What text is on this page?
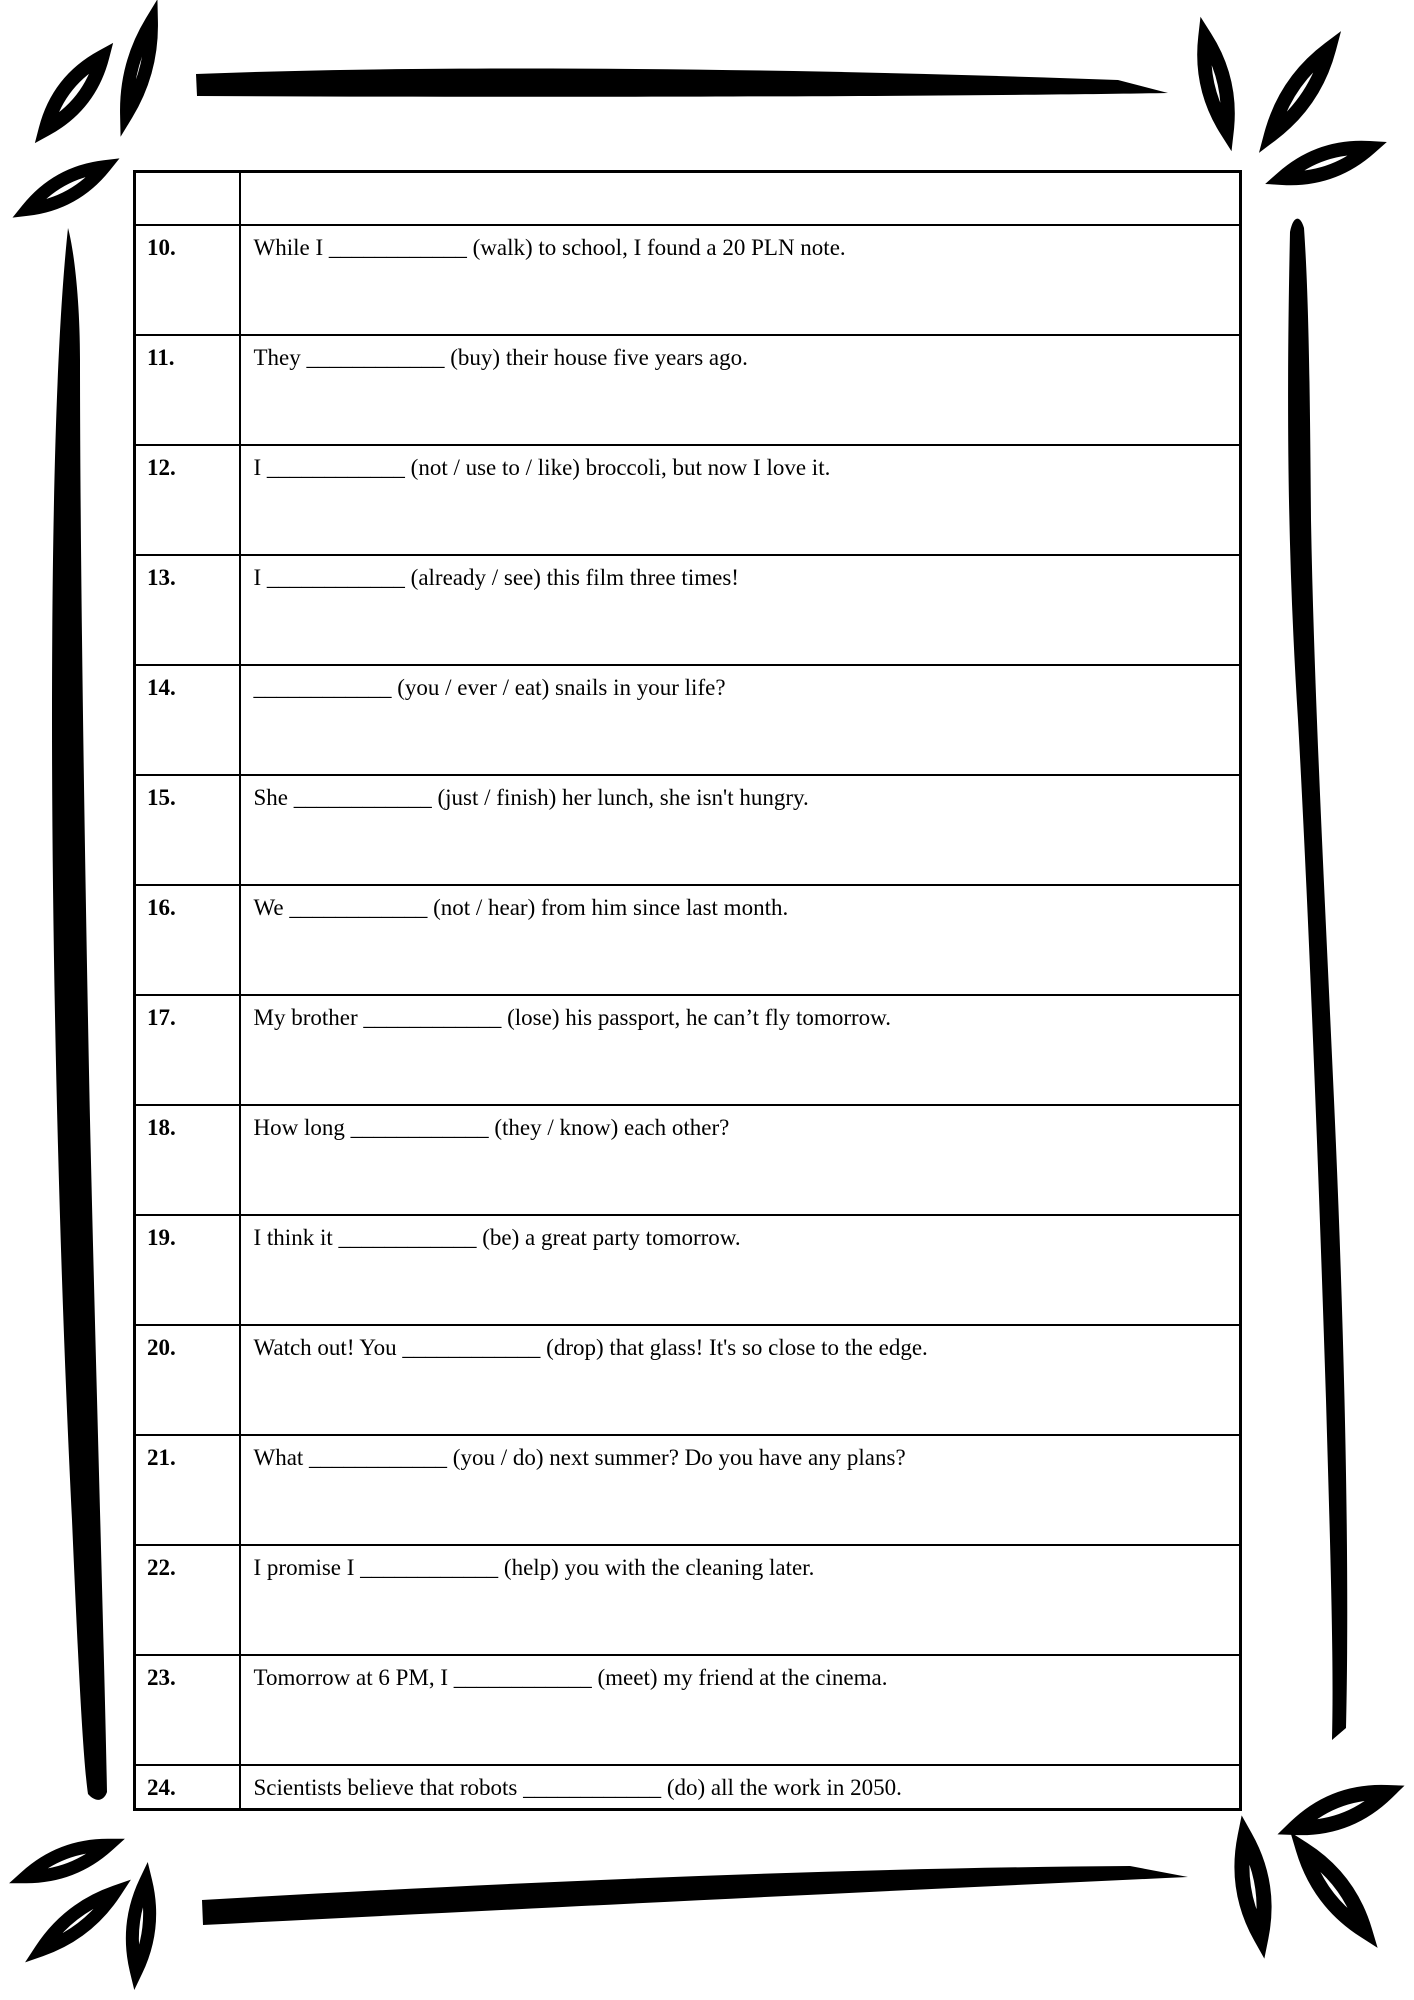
10.	While I ____________ (walk) to school, I found a 20 PLN note.
11.	They ____________ (buy) their house five years ago.
12.	I ____________ (not / use to / like) broccoli, but now I love it.
13.	I ____________ (already / see) this film three times!
14.	____________ (you / ever / eat) snails in your life?
15.	She ____________ (just / finish) her lunch, she isn't hungry.
16.	We ____________ (not / hear) from him since last month.
17.	My brother ____________ (lose) his passport, he can’t fly tomorrow.
18.	How long ____________ (they / know) each other?
19.	I think it ____________ (be) a great party tomorrow.
20.	Watch out! You ____________ (drop) that glass! It's so close to the edge.
21.	What ____________ (you / do) next summer? Do you have any plans?
22.	I promise I ____________ (help) you with the cleaning later.
23.	Tomorrow at 6 PM, I ____________ (meet) my friend at the cinema.
24.	Scientists believe that robots ____________ (do) all the work in 2050.
